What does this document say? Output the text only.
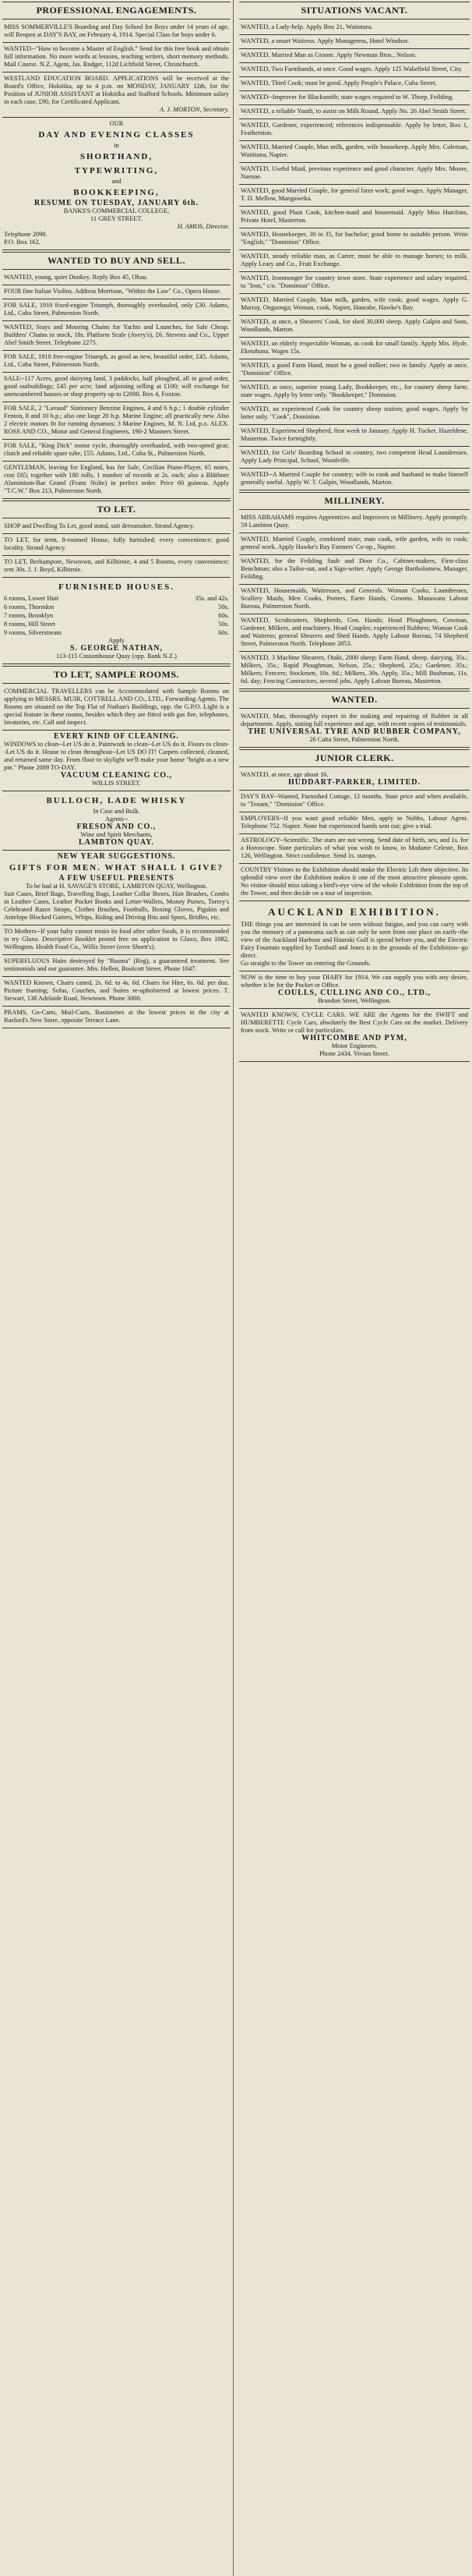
PROFESSIONAL ENGAGEMENTS.
MISS SOMMERVILLE'S Boarding and Day School for Boys under 14 years of age, will Reopen at DAY'S BAY, on February 4, 1914. Special Class for boys under 6.
WANTED--"How to become a Master of English." Send for this free book and obtain full information. No more words at lessons, teaching writers, short memory methods. Mail Course. N.Z. Agent, Jas. Rodger, 112d Lichfield Street, Christchurch.
WESTLAND EDUCATION BOARD. APPLICATIONS will be received at the Board's Office, Hokitika, up to 4 p.m. on MONDAY, JANUARY 12th, for the Position of JUNIOR ASSISTANT at Hokitika and Stafford Schools. Minimum salary in each case, £90, for Certificated Applicant.
A. J. MORTON, Secretary.
OUR
DAY AND EVENING CLASSES
in
SHORTHAND,
TYPEWRITING,
and
BOOKKEEPING,
RESUME ON TUESDAY, JANUARY 6th.
BANKS'S COMMERCIAL COLLEGE,
11 GREY STREET.
H. AMOS, Director.
Telephone 2098.
P.O. Box 162.
WANTED TO BUY AND SELL.
WANTED, young, quiet Donkey. Reply Box 45, Ohau.
FOUR fine Italian Violins. Address Morrison, "Within the Law" Co., Opera House.
FOR SALE, 1910 fixed-engine Triumph, thoroughly overhauled, only £30. Adams, Ltd., Cuba Street, Palmerston North.
WANTED, Stays and Mooring Chains for Yachts and Launches, for Sale Cheap. Builders' Chains in stock, 18s. Platform Scale (Avery's), £6. Stevens and Co., Upper Abel Smith Street. Telephone 2275.
FOR SALE, 1910 free-engine Triumph, as good as new, beautiful order, £45. Adams, Ltd., Cuba Street, Palmerston North.
SALE--117 Acres, good dairying land, 3 paddocks, half ploughed, all in good order, good outbuildings; £45 per acre; land adjoining selling at £100; will exchange for unencumbered houses or shop property up to £2000. Box 4, Foxton.
FOR SALE, 2 "Lavaud" Stationary Benzine Engines, 4 and 6 h.p.; 1 double cylinder Fenton, 8 and 10 h.p.; also one large 20 h.p. Marine Engine; all practically new. Also 2 electric motors fit for running dynamos; 3 Marine Engines, M. N. Ltd, p.o. ALEX. ROSS AND CO., Motor and General Engineers, 190-2 Manners Street.
FOR SALE, "King Dick" motor cycle, thoroughly overhauled, with two-speed gear, clutch and reliable spare tube, £55. Adams, Ltd., Cuba St., Palmerston North.
GENTLEMAN, leaving for England, has for Sale, Cecilian Piano-Player, 65 notes, cost £65; together with 180 rolls, 1 number of records at 2s. each; also a Blüthner Aluminium-Bar Grand (Franz Nolte) in perfect order. Price 60 guineas. Apply "T.C.W." Box 213, Palmerston North.
TO LET.
SHOP and Dwelling To Let, good stand, suit dressmaker. Strand Agency.
TO LET, for term, 8-roomed House, fully furnished; every convenience; good locality. Strand Agency.
TO LET, Berhampore, Newtown, and Kilbirnie, 4 and 5 Rooms, every convenience; rent 30s. J. J. Boyd, Kilbirnie.
FURNISHED HOUSES.
6 rooms, Lower Hutt	35s. and 42s.
6 rooms, Thorndon	50s.
7 rooms, Brooklyn	60s.
8 rooms, Hill Street	50s.
9 rooms, Silverstream	60s.
Apply
S. GEORGE NATHAN,
113-115 Customhouse Quay (opp. Bank N.Z.)
TO LET, SAMPLE ROOMS.
COMMERCIAL TRAVELLERS can be Accommodated with Sample Rooms on applying to MESSRS. MUIR, COTTRELL AND CO., LTD., Forwarding Agents. The Rooms are situated on the Top Flat of Nathan's Buildings, opp. the G.P.O. Light is a special feature in these rooms, besides which they are fitted with gas fire, telephones, lavatories, etc. Call and inspect.
EVERY KIND OF CLEANING.
WINDOWS to clean--Let US do it. Paintwork to clean--Let US do it. Floors to clean--Let US do it. House to clean throughout--Let US DO IT! Carpets collected, cleaned, and returned same day. From floor to skylight we'll make your home "bright as a new pin." Phone 2089 TO-DAY.
VACUUM CLEANING CO.,
WILLIS STREET.
BULLOCH, LADE WHISKY
In Case and Bulk.
Agents--
FRESON AND CO.,
Wine and Spirit Merchants,
LAMBTON QUAY.
NEW YEAR SUGGESTIONS.
GIFTS FOR MEN. WHAT SHALL I GIVE?
A FEW USEFUL PRESENTS
To be had at H. SAVAGE'S STORE, LAMBTON QUAY, Wellington.
Suit Cases, Brief Bags, Travelling Bags, Leather Collar Boxes, Hair Brushes, Combs in Leather Cases, Leather Pocket Books and Letter-Wallets, Money Purses, Torrey's Celebrated Razor Strops, Clothes Brushes, Footballs, Boxing Gloves, Pigskin and Antelope Blocked Gaiters, Whips, Riding and Driving Bits and Spurs, Bridles, etc.
TO Mothers--If your baby cannot retain its food after other foods, it is recommended to try Glaxo. Descriptive Booklet posted free on application to Glaxo, Box 1082, Wellington. Health Food Co., Willis Street (over Shortt's).
SUPERFLUOUS Hairs destroyed by "Rusma" (Reg), a guaranteed treatment. See testimonials and our guarantee. Mrs. Hellen, Boulcott Street. Phone 1647.
WANTED Known, Chairs caned, 2s. 6d. to 4s. 6d. Chairs for Hire, 6s. 6d. per doz. Picture framing; Sofas, Couches, and Suites re-upholstered at lowest prices. T. Stewart, 138 Adelaide Road, Newtown. Phone 3000.
PRAMS, Go-Carts, Mail-Carts, Bassinettes at the lowest prices in the city at Rasford's New Store, opposite Terrace Lane.
SITUATIONS VACANT.
WANTED, a Lady-help. Apply Box 21, Waitotara.
WANTED, a smart Waitress. Apply Manageress, Hotel Windsor.
WANTED, Married Man as Groom. Apply Newman Bros., Nelson.
WANTED, Two Farmhands, at once. Good wages. Apply 125 Wakefield Street, City.
WANTED, Third Cook; must be good. Apply People's Palace, Cuba Street.
WANTED--Improver for Blacksmith; state wages required to W. Thorp, Feilding.
WANTED, a reliable Youth, to assist on Milk Round. Apply No. 26 Abel Smith Street.
WANTED, Gardener, experienced; references indispensable. Apply by letter, Box 1, Featherston.
WANTED, Married Couple, Man milk, garden, wife housekeep. Apply Mrs. Coleman, Waitituna, Napier.
WANTED, Useful Maid, previous experience and good character. Apply Mrs. Moore, Naenae.
WANTED, good Married Couple, for general farm work; good wages. Apply Manager, T. D. Mellow, Mangaweka.
WANTED, good Plain Cook, kitchen-maid and housemaid. Apply Miss Hutchins, Private Hotel, Masterton.
WANTED, Housekeeper, 30 to 35, for bachelor; good home to suitable person. Write "English," "Dominion" Office.
WANTED, steady reliable man, as Carter; must be able to manage horses; to milk. Apply Leary and Co., Fruit Exchange.
WANTED, Ironmonger for country town store. State experience and salary required, to "Iron," c/o. "Dominion" Office.
WANTED, Married Couple, Man milk, garden, wife cook; good wages. Apply G. Murray, Ongaonga; Woman, cook, Napier, Haurahe, Hawke's Bay.
WANTED, at once, a Shearers' Cook, for shed 30,000 sheep. Apply Galpin and Sons, Woodlands, Marton.
WANTED, an elderly respectable Woman, as cook for small family. Apply Mrs. Hyde, Eketahuna. Wages 15s.
WANTED, a good Farm Hand, must be a good milker; two in family. Apply at once. "Dominion" Office.
WANTED, at once, superior young Lady, Bookkeeper, etc., for country sheep farm; state wages. Apply by letter only. "Bookkeeper," Dominion.
WANTED, an experienced Cook for country sheep station; good wages. Apply by letter only. "Cook", Dominion.
WANTED, Experienced Shepherd, first week in January. Apply H. Tucker, Hazeldene, Masterton. Twice fortnightly.
WANTED, for Girls' Boarding School in country, two competent Head Laundresses. Apply Lady Principal, School, Woodville.
WANTED--A Married Couple for country; wife to cook and husband to make himself generally useful. Apply W. T. Galpin, Woodlands, Marton.
MILLINERY.
MISS ABRAHAMS requires Apprentices and Improvers to Millinery. Apply promptly. 59 Lambton Quay.
WANTED, Married Couple, combined state; man cook, wife garden, wife to cook; general work. Apply Hawke's Bay Farmers' Co-op., Napier.
WANTED, for the Feilding Sash and Door Co., Cabinet-makers, First-class Benchman; also a Tailor-out, and a Sign-writer. Apply George Bartholomew, Manager, Feilding.
WANTED, Housemaids, Waitresses, and Generals. Woman Cooks, Laundresses, Scullery Maids, Men Cooks, Porters, Farm Hands, Grooms. Manawatu Labour Bureau, Palmerston North.
WANTED, Scrubcutters, Shepherds, Gen. Hands; Head Ploughmen, Cowman, Gardener, Milkers, and machinery. Head Couples; experienced Rubbers; Woman Cook and Waitress; general Shearers and Shed Hands. Apply Labour Bureau, 74 Shepherd Street, Palmerston North. Telephone 3853.
WANTED, 3 Machine Shearers, Otaki, 2000 sheep; Farm Hand, sheep, dairying, 35s.; Milkers, 35s.; Rapid Ploughman, Nelson, 25s.; Shepherd, 25s.; Gardener, 35s.; Milkers; Fencers; Stockmen, 10s. 6d.; Milkers, 30s. Apply, 35s.; Mill Bushman, 11s. 6d. day; Fencing Contractors, several jobs. Apply Labour Bureau, Masterton.
WANTED.
WANTED, Man, thoroughly expert in the making and repairing of Rubber in all departments. Apply, stating full experience and age, with recent copies of testimonials.
THE UNIVERSAL TYRE AND RUBBER COMPANY,
26 Cuba Street, Palmerston North.
JUNIOR CLERK.
WANTED, at once, age about 16.
HUDDART-PARKER, LIMITED.
DAY'S BAY--Wanted, Furnished Cottage, 12 months. State price and when available, to "Tenant," "Dominion" Office.
EMPLOYERS--If you want good reliable Men, apply to Nobbs, Labour Agent. Telephone 752. Napier. None but experienced hands sent out; give a trial.
ASTROLOGY--Scientific. The stars are not wrong. Send date of birth, sex, and 1s. for a Horoscope. State particulars of what you wish to know, to Madame Celeste, Box 126, Wellington. Strict confidence. Send 1s. stamps.
COUNTRY Visitors to the Exhibition should make the Electric Lift their objective. Its splendid view over the Exhibition makes it one of the most attractive pleasure spots. No visitor should miss taking a bird's-eye view of the whole Exhibition from the top of the Tower, and then decide on a tour of inspection.
AUCKLAND EXHIBITION.
THE things you are interested in can be seen without fatigue, and you can carry with you the memory of a panorama such as can only be seen from one place on earth--the view of the Auckland Harbour and Hauraki Gulf is spread before you, and the Electric Fairy Fountain supplied by Turnbull and Jones is in the grounds of the Exhibition--go direct.
Go straight to the Tower on entering the Grounds.
NOW is the time to buy your DIARY for 1914. We can supply you with any desire, whether it be for the Pocket or Office.
COULLS, CULLING AND CO., LTD.,
Brandon Street, Wellington.
WANTED KNOWN, CYCLE CARS. WE ARE the Agents for the SWIFT and HUMBERETTE Cycle Cars, absolutely the Best Cycle Cars on the market. Delivery from stock. Write or call for particulars.
WHITCOMBE AND PYM,
Motor Engineers,
Phone 2434. Vivian Street.
